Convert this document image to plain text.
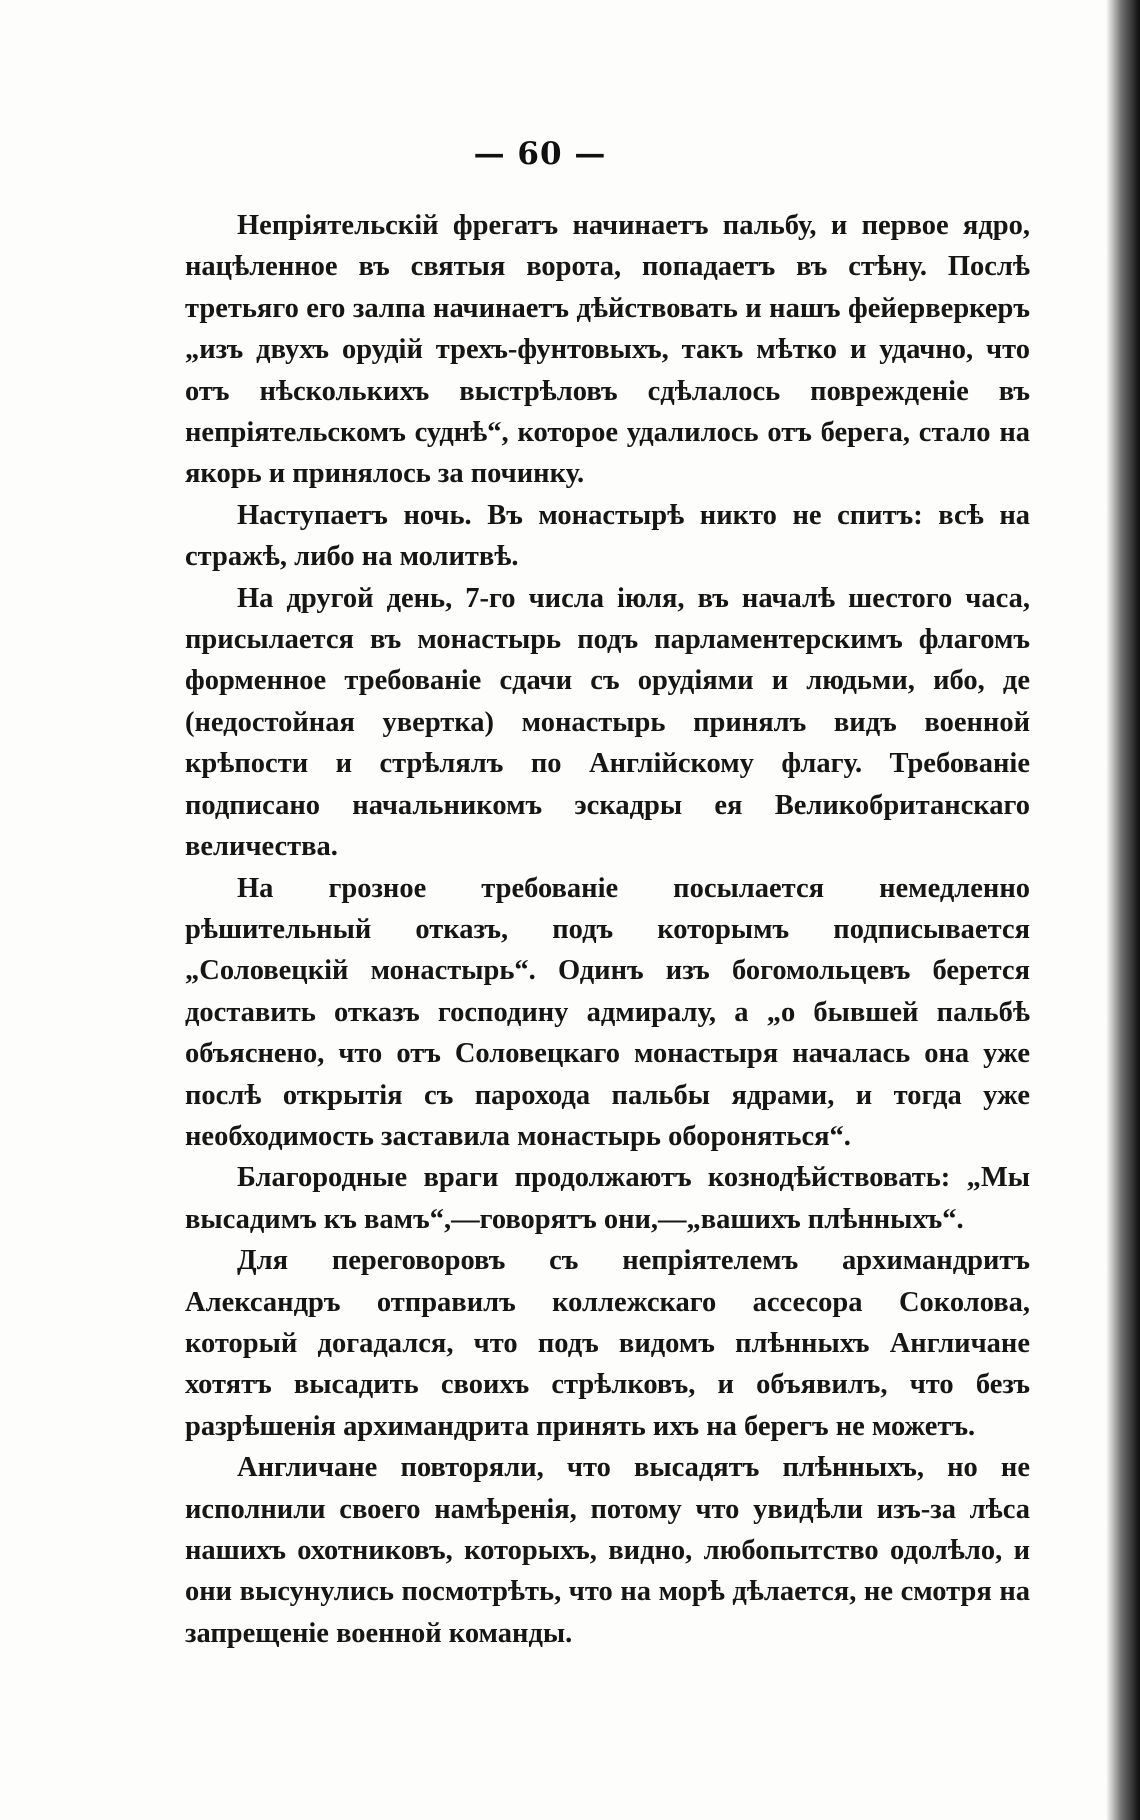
— 60 —

Непріятельскій фрегатъ начинаетъ пальбу, и первое ядро, нацѣленное въ святыя ворота, попадаетъ въ стѣну. Послѣ третьяго его залпа начинаетъ дѣйствовать и нашъ фейерверкеръ „изъ двухъ орудій трехъ-фунтовыхъ, такъ мѣтко и удачно, что отъ нѣсколькихъ выстрѣловъ сдѣлалось поврежденіе въ непріятельскомъ суднѣ“, которое удалилось отъ берега, стало на якорь и принялось за починку.

Наступаетъ ночь. Въ монастырѣ никто не спитъ: всѣ на стражѣ, либо на молитвѣ.

На другой день, 7-го числа іюля, въ началѣ шестого часа, присылается въ монастырь подъ парламентерскимъ флагомъ форменное требованіе сдачи съ орудіями и людьми, ибо, де (недостойная увертка) монастырь принялъ видъ военной крѣпости и стрѣлялъ по Англійскому флагу. Требованіе подписано начальникомъ эскадры ея Великобританскаго величества.

На грозное требованіе посылается немедленно рѣшительный отказъ, подъ которымъ подписывается „Соловецкій монастырь“. Одинъ изъ богомольцевъ берется доставить отказъ господину адмиралу, а „о бывшей пальбѣ объяснено, что отъ Соловецкаго монастыря началась она уже послѣ открытія съ парохода пальбы ядрами, и тогда уже необходимость заставила монастырь обороняться“.

Благородные враги продолжаютъ кознодѣйствовать: „Мы высадимъ къ вамъ“,—говорятъ они,—„вашихъ плѣнныхъ“.

Для переговоровъ съ непріятелемъ архимандритъ Александръ отправилъ коллежскаго ассесора Соколова, который догадался, что подъ видомъ плѣнныхъ Англичане хотятъ высадить своихъ стрѣлковъ, и объявилъ, что безъ разрѣшенія архимандрита принять ихъ на берегъ не можетъ.

Англичане повторяли, что высадятъ плѣнныхъ, но не исполнили своего намѣренія, потому что увидѣли изъ-за лѣса нашихъ охотниковъ, которыхъ, видно, любопытство одолѣло, и они высунулись посмотрѣть, что на морѣ дѣлается, не смотря на запрещеніе военной команды.
